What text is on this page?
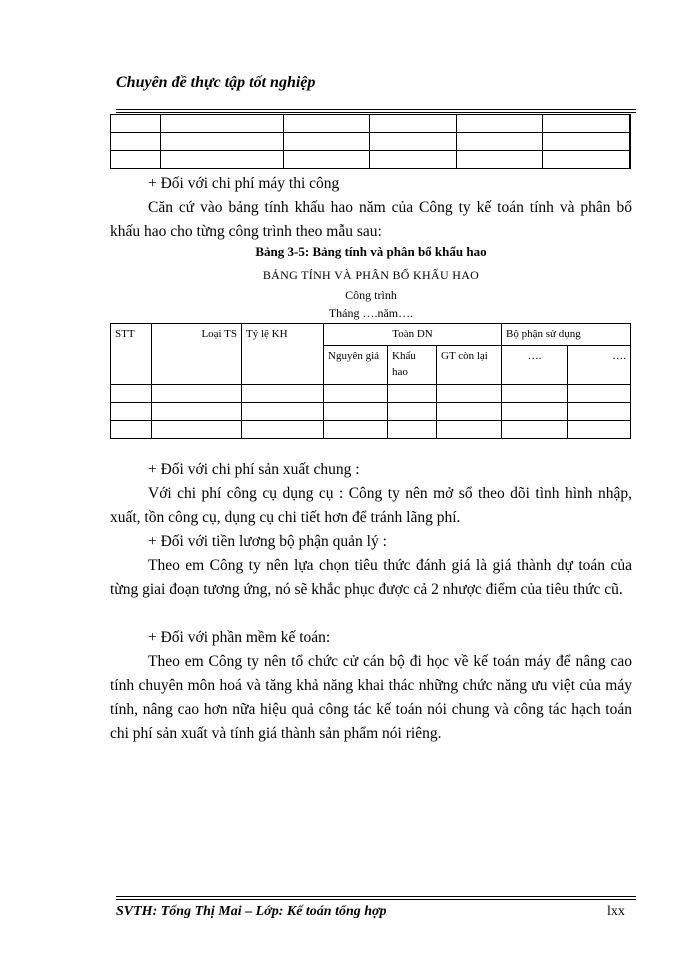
Chuyên đề thực tập tốt nghiệp

+ Đối với chi phí máy thi công
Căn cứ vào bảng tính khấu hao năm của Công ty kế toán tính và phân bổ khấu hao cho từng công trình theo mẫu sau:
Bảng 3-5: Bảng tính và phân bổ khấu hao
BẢNG TÍNH VÀ PHÂN BỔ KHẤU HAO
Công trình
Tháng ….năm….
STT	Loại TS	Tỷ lệ KH	Toàn DN			Bộ phận sử dụng	
			Nguyên giá	Khấu hao	GT còn lại	….	….

+ Đối với chi phí sản xuất chung :
Với chi phí công cụ dụng cụ : Công ty nên mở sổ theo dõi tình hình nhập, xuất, tồn công cụ, dụng cụ chi tiết hơn để tránh lãng phí.
+ Đối với tiền lương bộ phận quản lý :
Theo em Công ty nên lựa chọn tiêu thức đánh giá là giá thành dự toán của từng giai đoạn tương ứng, nó sẽ khắc phục được cả 2 nhược điểm của tiêu thức cũ.
+ Đối với phần mềm kế toán:
Theo em Công ty nên tổ chức cử cán bộ đi học về kế toán máy để nâng cao tính chuyên môn hoá và tăng khả năng khai thác những chức năng ưu việt của máy tính, nâng cao hơn nữa hiệu quả công tác kế toán nói chung và công tác hạch toán chi phí sản xuất và tính giá thành sản phẩm nói riêng.
SVTH: Tống Thị Mai – Lớp: Kế toán tổng hợp	lxx
